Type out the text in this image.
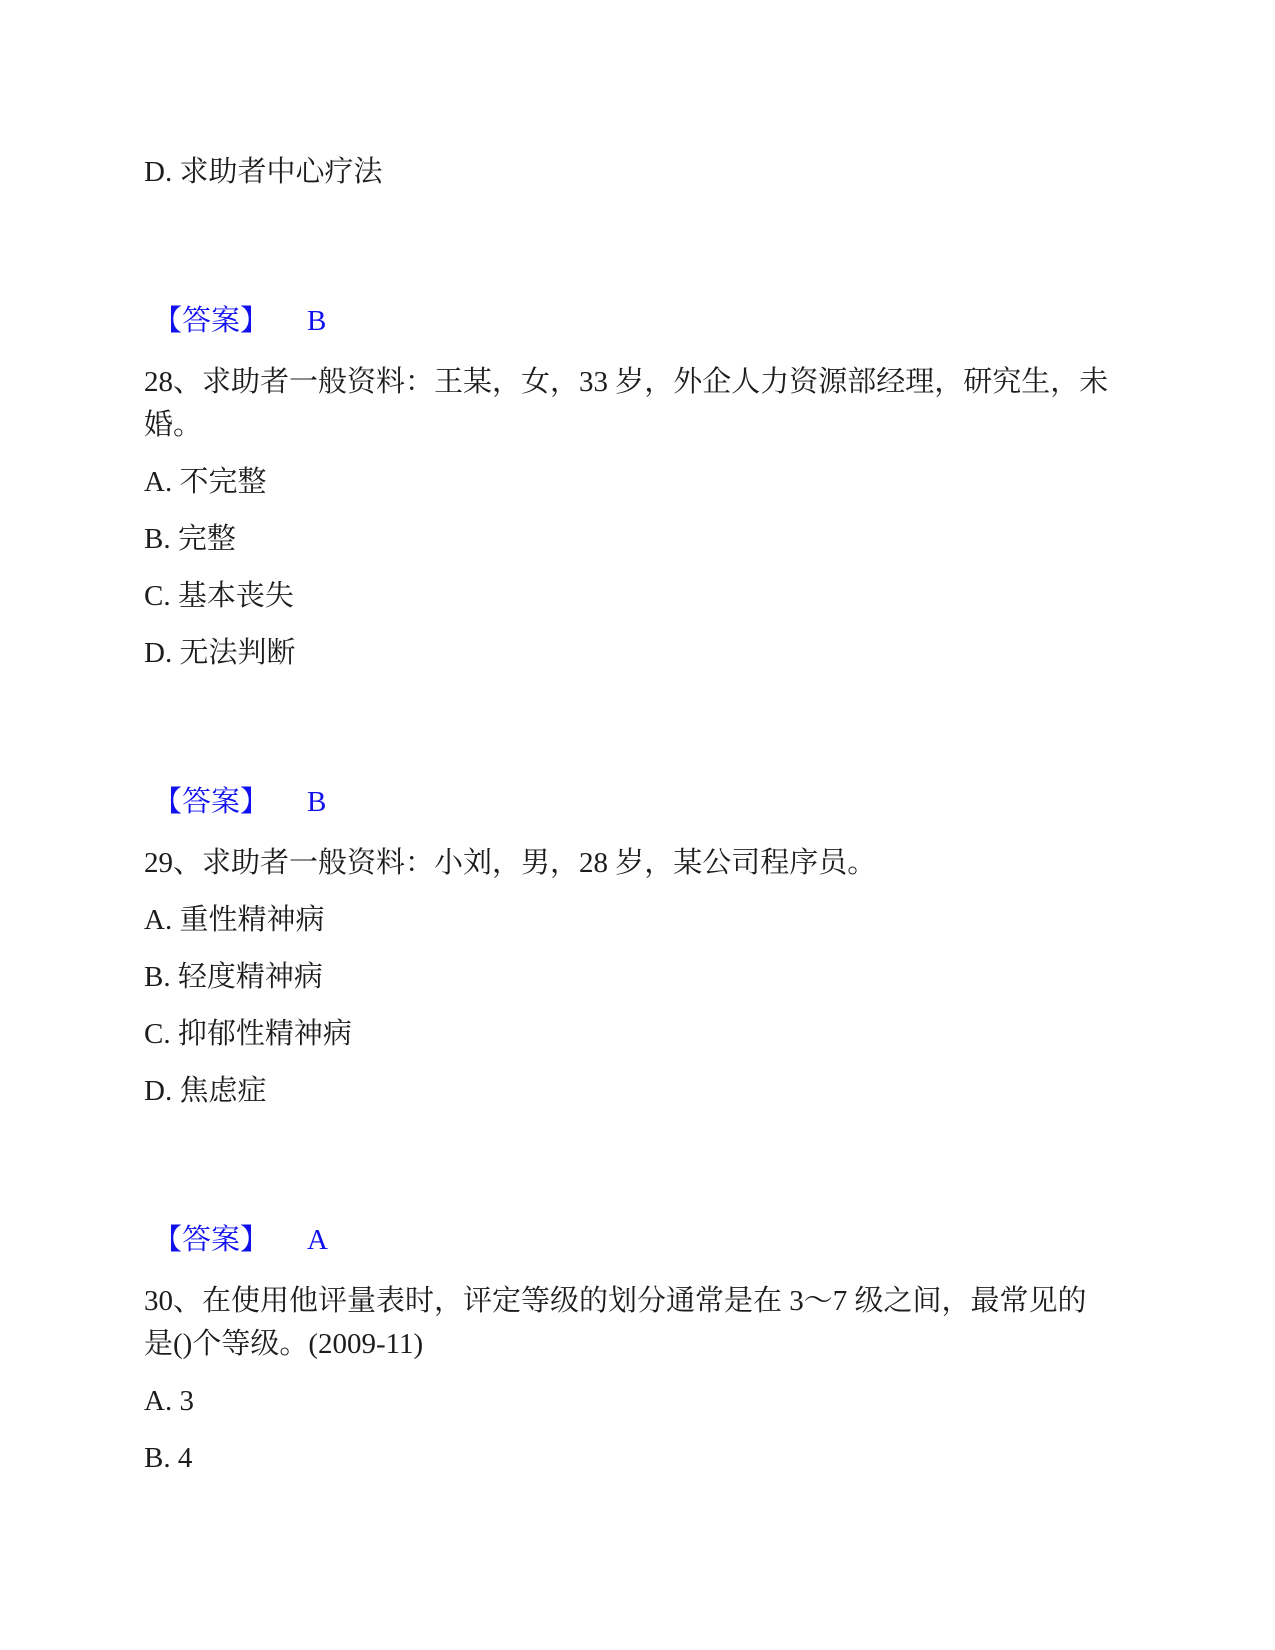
D. 求助者中心疗法

【答案】 B

28、求助者一般资料：王某，女，33 岁，外企人力资源部经理，研究生，未
婚。

A. 不完整

B. 完整

C. 基本丧失

D. 无法判断

【答案】 B

29、求助者一般资料：小刘，男，28 岁，某公司程序员。

A. 重性精神病

B. 轻度精神病

C. 抑郁性精神病

D. 焦虑症

【答案】 A

30、在使用他评量表时，评定等级的划分通常是在 3～7 级之间，最常见的
是()个等级。(2009-11)

A. 3

B. 4
